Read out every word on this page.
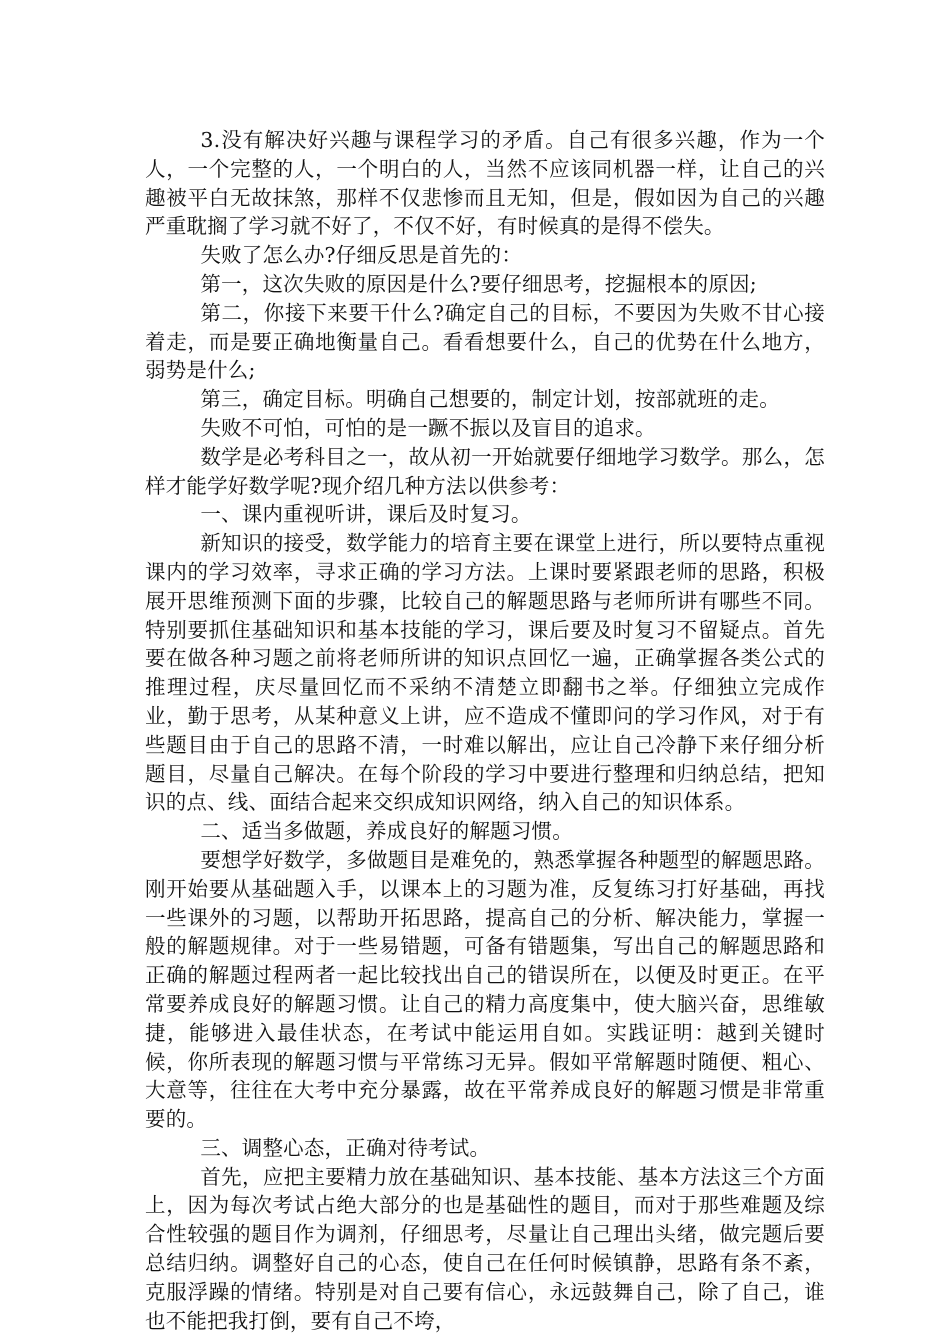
3.没有解决好兴趣与课程学习的矛盾。自己有很多兴趣，作为一个人，一个完整的人，一个明白的人，当然不应该同机器一样，让自己的兴趣被平白无故抹煞，那样不仅悲惨而且无知，但是，假如因为自己的兴趣严重耽搁了学习就不好了，不仅不好，有时候真的是得不偿失。

失败了怎么办?仔细反思是首先的：

第一，这次失败的原因是什么?要仔细思考，挖掘根本的原因;

第二，你接下来要干什么?确定自己的目标，不要因为失败不甘心接着走，而是要正确地衡量自己。看看想要什么，自己的优势在什么地方，弱势是什么;

第三，确定目标。明确自己想要的，制定计划，按部就班的走。

失败不可怕，可怕的是一蹶不振以及盲目的追求。

数学是必考科目之一，故从初一开始就要仔细地学习数学。那么，怎样才能学好数学呢?现介绍几种方法以供参考：

一、课内重视听讲，课后及时复习。

新知识的接受，数学能力的培育主要在课堂上进行，所以要特点重视课内的学习效率，寻求正确的学习方法。上课时要紧跟老师的思路，积极展开思维预测下面的步骤，比较自己的解题思路与老师所讲有哪些不同。特别要抓住基础知识和基本技能的学习，课后要及时复习不留疑点。首先要在做各种习题之前将老师所讲的知识点回忆一遍，正确掌握各类公式的推理过程，庆尽量回忆而不采纳不清楚立即翻书之举。仔细独立完成作业，勤于思考，从某种意义上讲，应不造成不懂即问的学习作风，对于有些题目由于自己的思路不清，一时难以解出，应让自己冷静下来仔细分析题目，尽量自己解决。在每个阶段的学习中要进行整理和归纳总结，把知识的点、线、面结合起来交织成知识网络，纳入自己的知识体系。

二、适当多做题，养成良好的解题习惯。

要想学好数学，多做题目是难免的，熟悉掌握各种题型的解题思路。刚开始要从基础题入手，以课本上的习题为准，反复练习打好基础，再找一些课外的习题，以帮助开拓思路，提高自己的分析、解决能力，掌握一般的解题规律。对于一些易错题，可备有错题集，写出自己的解题思路和正确的解题过程两者一起比较找出自己的错误所在，以便及时更正。在平常要养成良好的解题习惯。让自己的精力高度集中，使大脑兴奋，思维敏捷，能够进入最佳状态，在考试中能运用自如。实践证明：越到关键时候，你所表现的解题习惯与平常练习无异。假如平常解题时随便、粗心、大意等，往往在大考中充分暴露，故在平常养成良好的解题习惯是非常重要的。

三、调整心态，正确对待考试。

首先，应把主要精力放在基础知识、基本技能、基本方法这三个方面上，因为每次考试占绝大部分的也是基础性的题目，而对于那些难题及综合性较强的题目作为调剂，仔细思考，尽量让自己理出头绪，做完题后要总结归纳。调整好自己的心态，使自己在任何时候镇静，思路有条不紊，克服浮躁的情绪。特别是对自己要有信心，永远鼓舞自己，除了自己，谁也不能把我打倒，要有自己不垮，
